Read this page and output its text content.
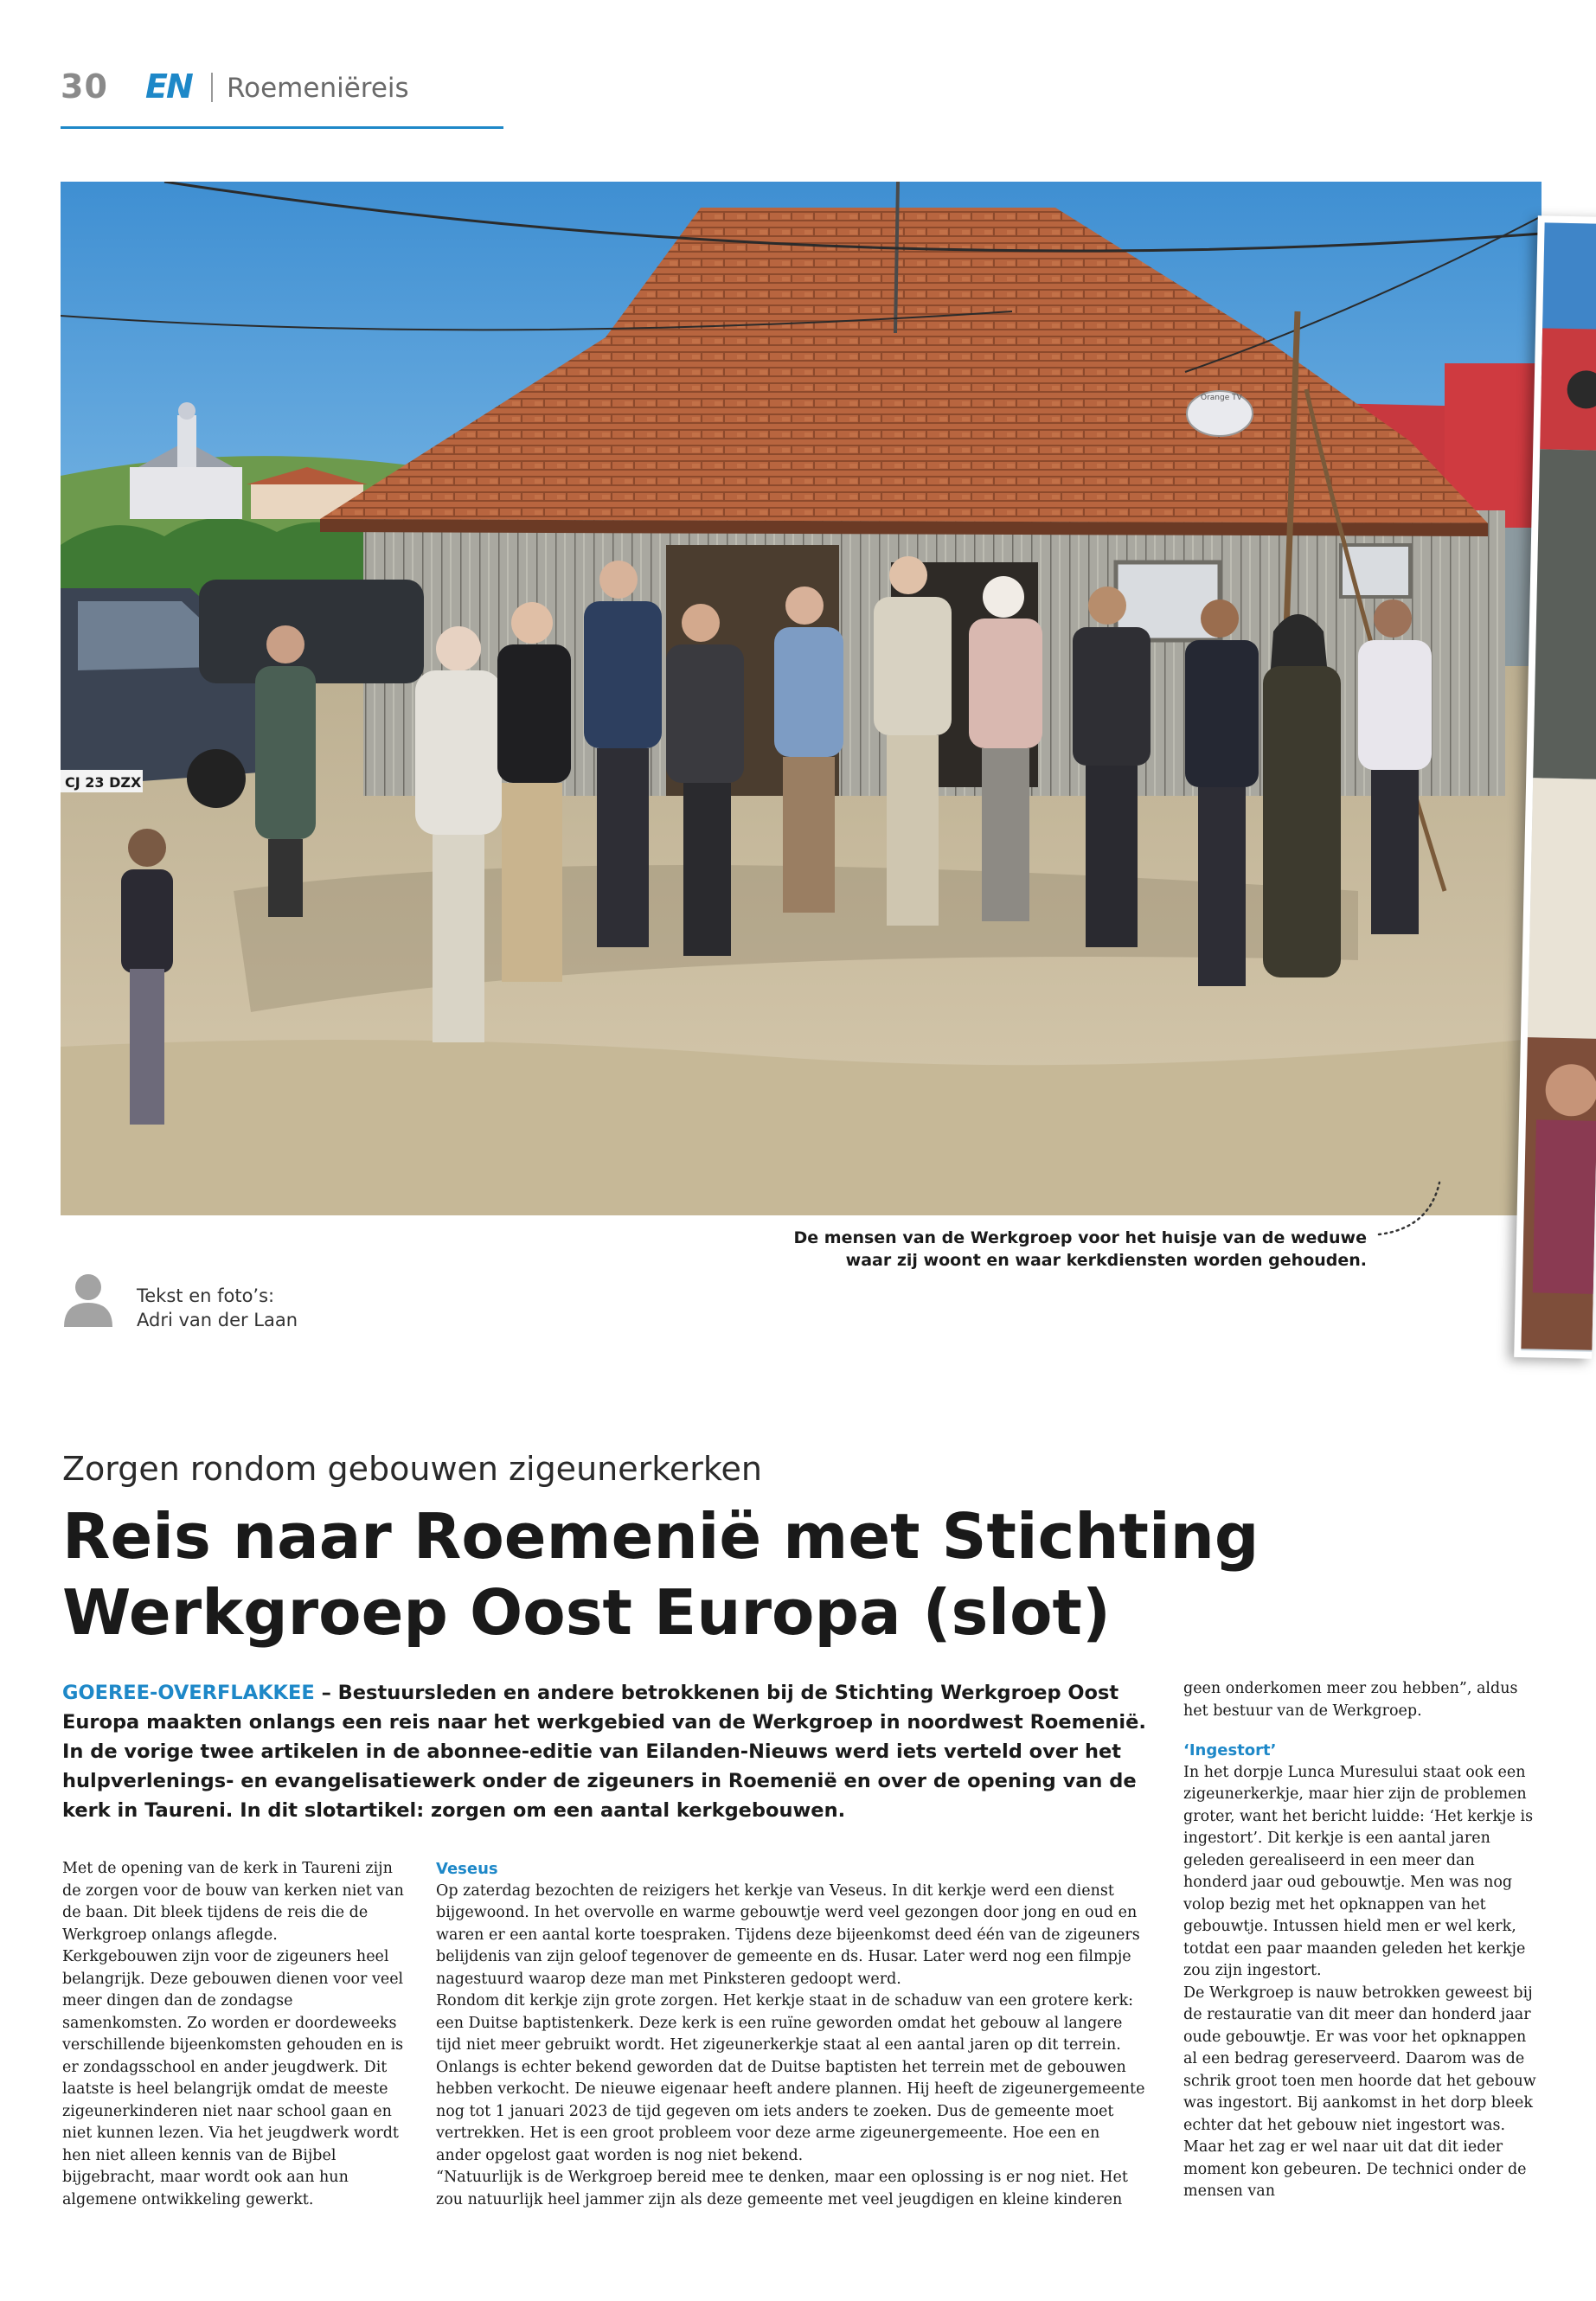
30 EN Roemeniëreis
Orange TV
CJ 23 DZX
De mensen van de Werkgroep voor het huisje van de weduwe
waar zij woont en waar kerkdiensten worden gehouden.
Tekst en foto’s:
Adri van der Laan
Zorgen rondom gebouwen zigeunerkerken
Reis naar Roemenië met Stichting Werkgroep Oost Europa (slot)
GOEREE-OVERFLAKKEE – Bestuursleden en andere betrokkenen bij de Stichting Werkgroep Oost Europa maakten onlangs een reis naar het werkgebied van de Werkgroep in noordwest Roemenië. In de vorige twee artikelen in de abonnee-editie van Eilanden-Nieuws werd iets verteld over het hulpverlenings- en evangelisatiewerk onder de zigeuners in Roemenië en over de opening van de kerk in Taureni. In dit slotartikel: zorgen om een aantal kerkgebouwen.

Met de opening van de kerk in Taureni zijn de zorgen voor de bouw van kerken niet van de baan. Dit bleek tijdens de reis die de Werkgroep onlangs aflegde.

Kerkgebouwen zijn voor de zigeuners heel belangrijk. Deze gebouwen dienen voor veel meer dingen dan de zondagse samenkomsten. Zo worden er doordeweeks verschillende bijeenkomsten gehouden en is er zondagsschool en ander jeugdwerk. Dit laatste is heel belangrijk omdat de meeste zigeunerkinderen niet naar school gaan en niet kunnen lezen. Via het jeugdwerk wordt hen niet alleen kennis van de Bijbel bijgebracht, maar wordt ook aan hun algemene ontwikkeling gewerkt.

Veseus

Op zaterdag bezochten de reizigers het kerkje van Veseus. In dit kerkje werd een dienst bijgewoond. In het overvolle en warme gebouwtje werd veel gezongen door jong en oud en waren er een aantal korte toespraken. Tijdens deze bijeenkomst deed één van de zigeuners belijdenis van zijn geloof tegenover de gemeente en ds. Husar. Later werd nog een filmpje nagestuurd waarop deze man met Pinksteren gedoopt werd.

Rondom dit kerkje zijn grote zorgen. Het kerkje staat in de schaduw van een grotere kerk: een Duitse baptistenkerk. Deze kerk is een ruïne geworden omdat het gebouw al langere tijd niet meer gebruikt wordt. Het zigeunerkerkje staat al een aantal jaren op dit terrein. Onlangs is echter bekend geworden dat de Duitse baptisten het terrein met de gebouwen hebben verkocht. De nieuwe eigenaar heeft andere plannen. Hij heeft de zigeunergemeente nog tot 1 januari 2023 de tijd gegeven om iets anders te zoeken. Dus de gemeente moet vertrekken. Het is een groot probleem voor deze arme zigeunergemeente. Hoe een en ander opgelost gaat worden is nog niet bekend.

“Natuurlijk is de Werkgroep bereid mee te denken, maar een oplossing is er nog niet. Het zou natuurlijk heel jammer zijn als deze gemeente met veel jeugdigen en kleine kinderen

geen onderkomen meer zou hebben”, aldus het bestuur van de Werkgroep.

‘Ingestort’

In het dorpje Lunca Muresului staat ook een zigeunerkerkje, maar hier zijn de problemen groter, want het bericht luidde: ‘Het kerkje is ingestort’. Dit kerkje is een aantal jaren geleden gerealiseerd in een meer dan honderd jaar oud gebouwtje. Men was nog volop bezig met het opknappen van het gebouwtje. Intussen hield men er wel kerk, totdat een paar maanden geleden het kerkje zou zijn ingestort.

De Werkgroep is nauw betrokken geweest bij de restauratie van dit meer dan honderd jaar oude gebouwtje. Er was voor het opknappen al een bedrag gereserveerd. Daarom was de schrik groot toen men hoorde dat het gebouw was ingestort. Bij aankomst in het dorp bleek echter dat het gebouw niet ingestort was. Maar het zag er wel naar uit dat dit ieder moment kon gebeuren. De technici onder de mensen van
